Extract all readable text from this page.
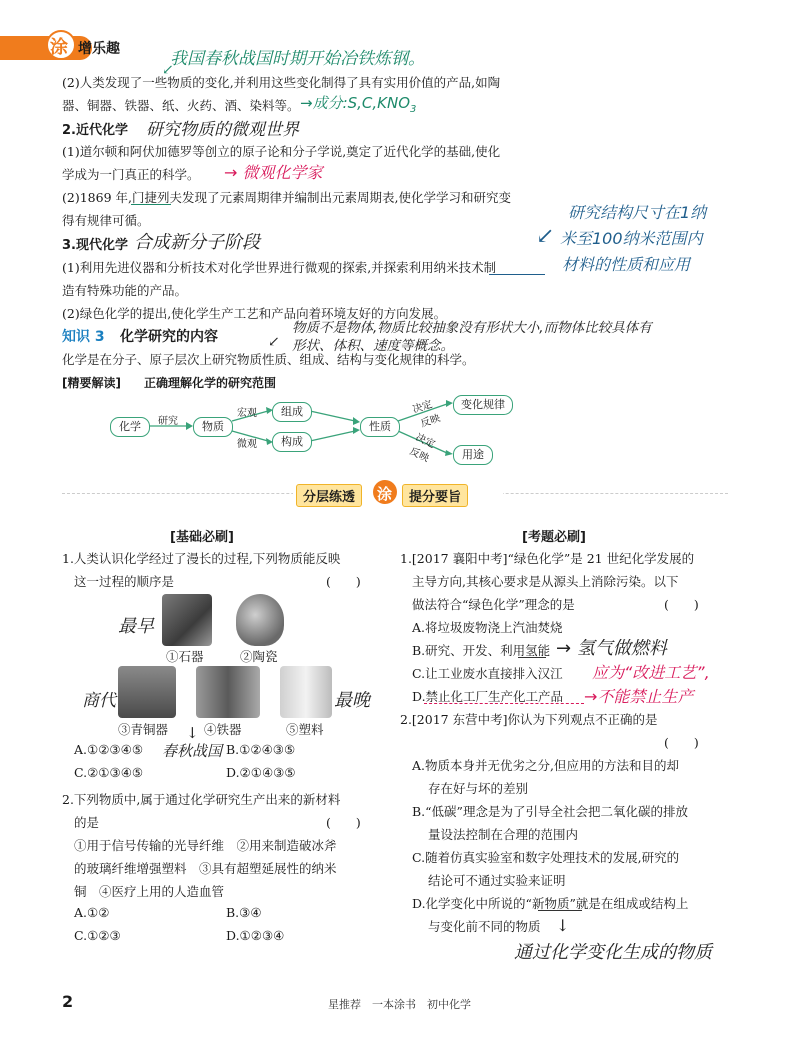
涂 增乐趣	我国春秋战国时期开始冶铁炼钢。
↙
(2)人类发现了一些物质的变化,并利用这些变化制得了具有实用价值的产品,如陶
器、铜器、铁器、纸、火药、酒、染料等。 →成分$:S,C,KNO_3$
2.近代化学 研究物质的微观世界
(1)道尔顿和阿伏加德罗等创立的原子论和分子学说,奠定了近代化学的基础,使化
学成为一门真正的科学。 → 微观化学家
(2)1869 年,门捷列夫发现了元素周期律并编制出元素周期表,使化学学习和研究变
得有规律可循。	研究结构尺寸在1纳
米至100纳米范围内
↙
3.现代化学 合成新分子阶段
(1)利用先进仪器和分析技术对化学世界进行微观的探索,并探索利用纳米技术制	材料的性质和应用
造有特殊功能的产品。
(2)绿色化学的提出,使化学生产工艺和产品向着环境友好的方向发展。
知识 3 化学研究的内容
物质不是物体,物质比较抽象没有形状大小,而物体比较具体有
形状、体积、速度等概念。
↙
化学是在分子、原子层次上研究物质性质、组成、结构与变化规律的科学。
[精要解读] 正确理解化学的研究范围
化学	研究	物质
宏观
微观
组成
构成
性质
决定
反映
决定
反映
变化规律
用途
分层练透	涂	提分要旨
[基础必刷]
1.人类认识化学经过了漫长的过程,下列物质能反映
这一过程的顺序是	(　　)
最早
①石器	②陶瓷
商代
③青铜器	④铁器	⑤塑料
最晚
↓
春秋战国
A.①②③④⑤	B.①②④③⑤
C.②①③④⑤	D.②①④③⑤
2.下列物质中,属于通过化学研究生产出来的新材料
的是	(　　)
①用于信号传输的光导纤维　②用来制造破冰斧
的玻璃纤维增强塑料　③具有超塑延展性的纳米
铜　④医疗上用的人造血管
A.①②	B.③④
C.①②③	D.①②③④
[考题必刷]
1.[2017 襄阳中考]“绿色化学”是 21 世纪化学发展的
主导方向,其核心要求是从源头上消除污染。以下
做法符合“绿色化学”理念的是	(　　)
A.将垃圾废物浇上汽油焚烧
B.研究、开发、利用氢能 → 氢气做燃料
C.让工业废水直接排入汉江 应为“改进工艺”,
D.禁止化工厂生产化工产品 →不能禁止生产
2.[2017 东营中考]你认为下列观点不正确的是
(　　)
A.物质本身并无优劣之分,但应用的方法和目的却
存在好与坏的差别
B.“低碳”理念是为了引导全社会把二氧化碳的排放
量设法控制在合理的范围内
C.随着仿真实验室和数字处理技术的发展,研究的
结论可不通过实验来证明
D.化学变化中所说的“新物质”就是在组成或结构上
与变化前不同的物质 ↓
通过化学变化生成的物质
2	星推荐　一本涂书　初中化学
